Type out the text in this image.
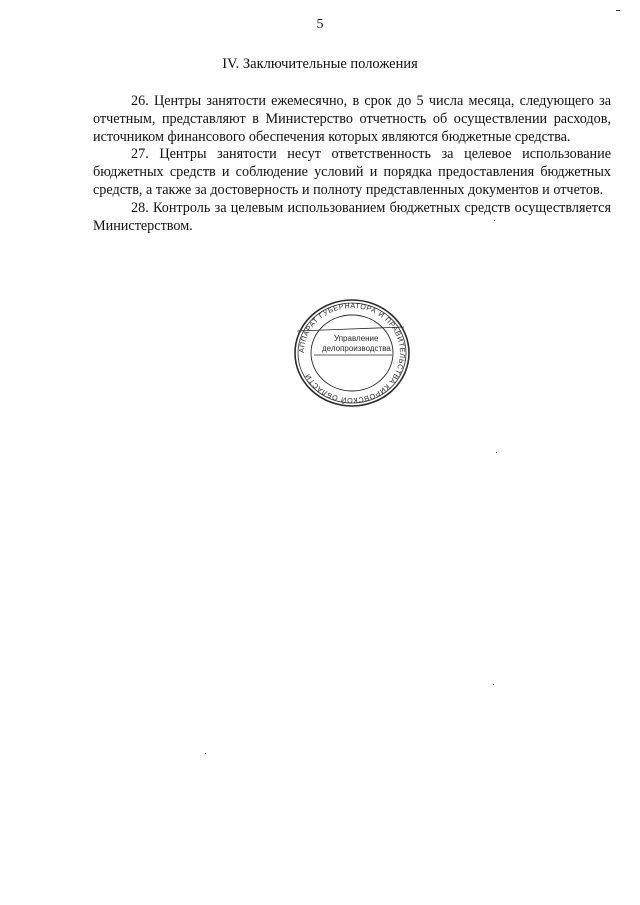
5
IV. Заключительные положения

26. Центры занятости ежемесячно, в срок до 5 числа месяца, следующего за отчетным, представляют в Министерство отчетность об осуществлении расходов, источником финансового обеспечения которых являются бюджетные средства.

27. Центры занятости несут ответственность за целевое использование бюджетных средств и соблюдение условий и порядка предоставления бюджетных средств, а также за достоверность и полноту представленных документов и отчетов.

28. Контроль за целевым использованием бюджетных средств осуществляется Министерством.

АППАРАТ ГУБЕРНАТОРА И ПРАВИТЕЛЬСТВА КИРОВСКОЙ ОБЛАСТИ
Управление
делопроизводства
